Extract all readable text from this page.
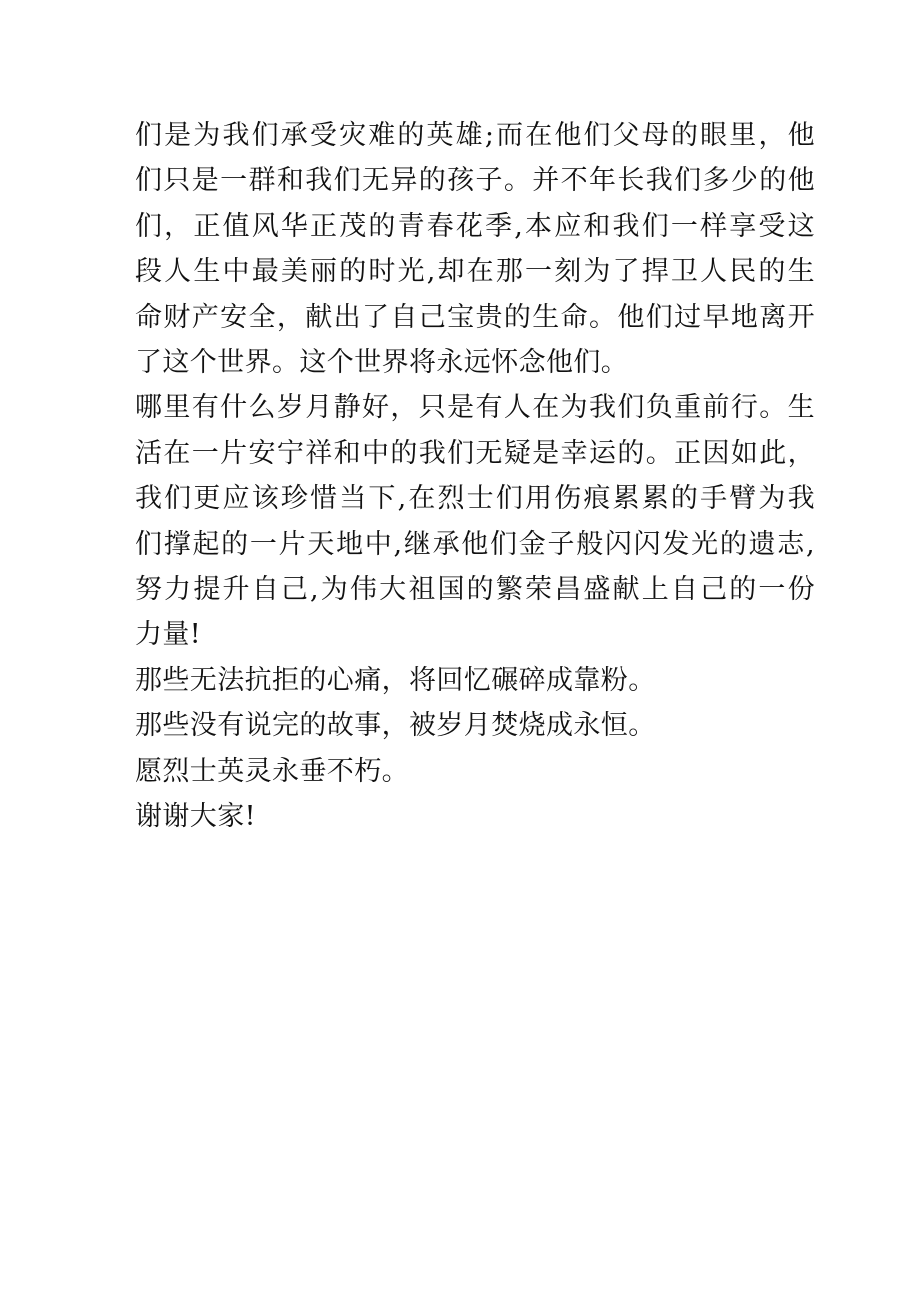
们是为我们承受灾难的英雄;而在他们父母的眼里，他
们只是一群和我们无异的孩子。并不年长我们多少的他
们，正值风华正茂的青春花季,本应和我们一样享受这
段人生中最美丽的时光,却在那一刻为了捍卫人民的生
命财产安全，献出了自己宝贵的生命。他们过早地离开
了这个世界。这个世界将永远怀念他们。

哪里有什么岁月静好，只是有人在为我们负重前行。生
活在一片安宁祥和中的我们无疑是幸运的。正因如此，
我们更应该珍惜当下,在烈士们用伤痕累累的手臂为我
们撑起的一片天地中,继承他们金子般闪闪发光的遗志,
努力提升自己,为伟大祖国的繁荣昌盛献上自己的一份
力量!

那些无法抗拒的心痛，将回忆碾碎成靠粉。

那些没有说完的故事，被岁月焚烧成永恒。

愿烈士英灵永垂不朽。

谢谢大家!
